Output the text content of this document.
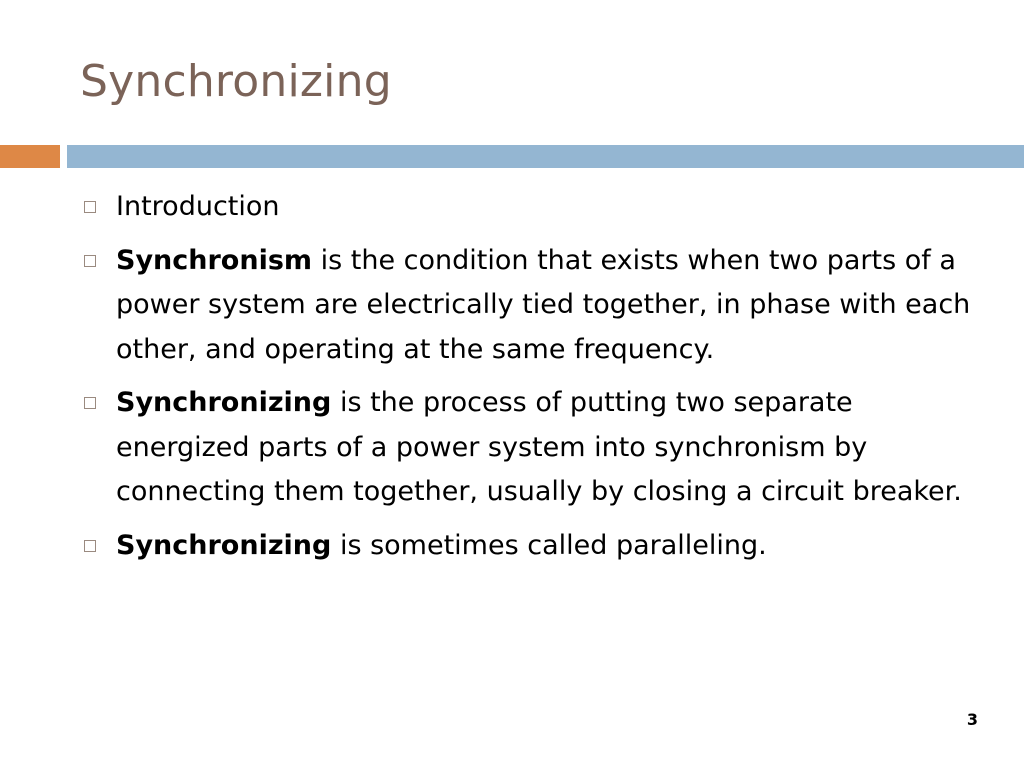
Synchronizing
Introduction
Synchronism is the condition that exists when two parts of a power system are electrically tied together, in phase with each other, and operating at the same frequency.
Synchronizing is the process of putting two separate energized parts of a power system into synchronism by connecting them together, usually by closing a circuit breaker.
Synchronizing is sometimes called paralleling.
3
